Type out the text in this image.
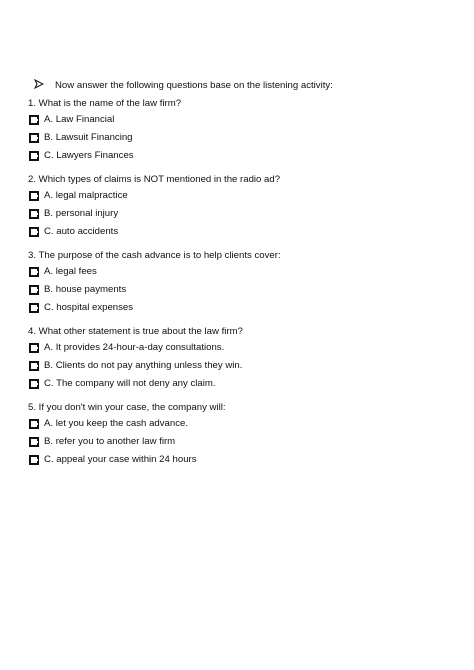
Now answer the following questions base on the listening activity:
1. What is the name of the law firm?
A. Law Financial
B. Lawsuit Financing
C. Lawyers Finances
2. Which types of claims is NOT mentioned in the radio ad?
A. legal malpractice
B. personal injury
C. auto accidents
3. The purpose of the cash advance is to help clients cover:
A. legal fees
B. house payments
C. hospital expenses
4. What other statement is true about the law firm?
A. It provides 24-hour-a-day consultations.
B. Clients do not pay anything unless they win.
C. The company will not deny any claim.
5. If you don't win your case, the company will:
A. let you keep the cash advance.
B. refer you to another law firm
C. appeal your case within 24 hours
